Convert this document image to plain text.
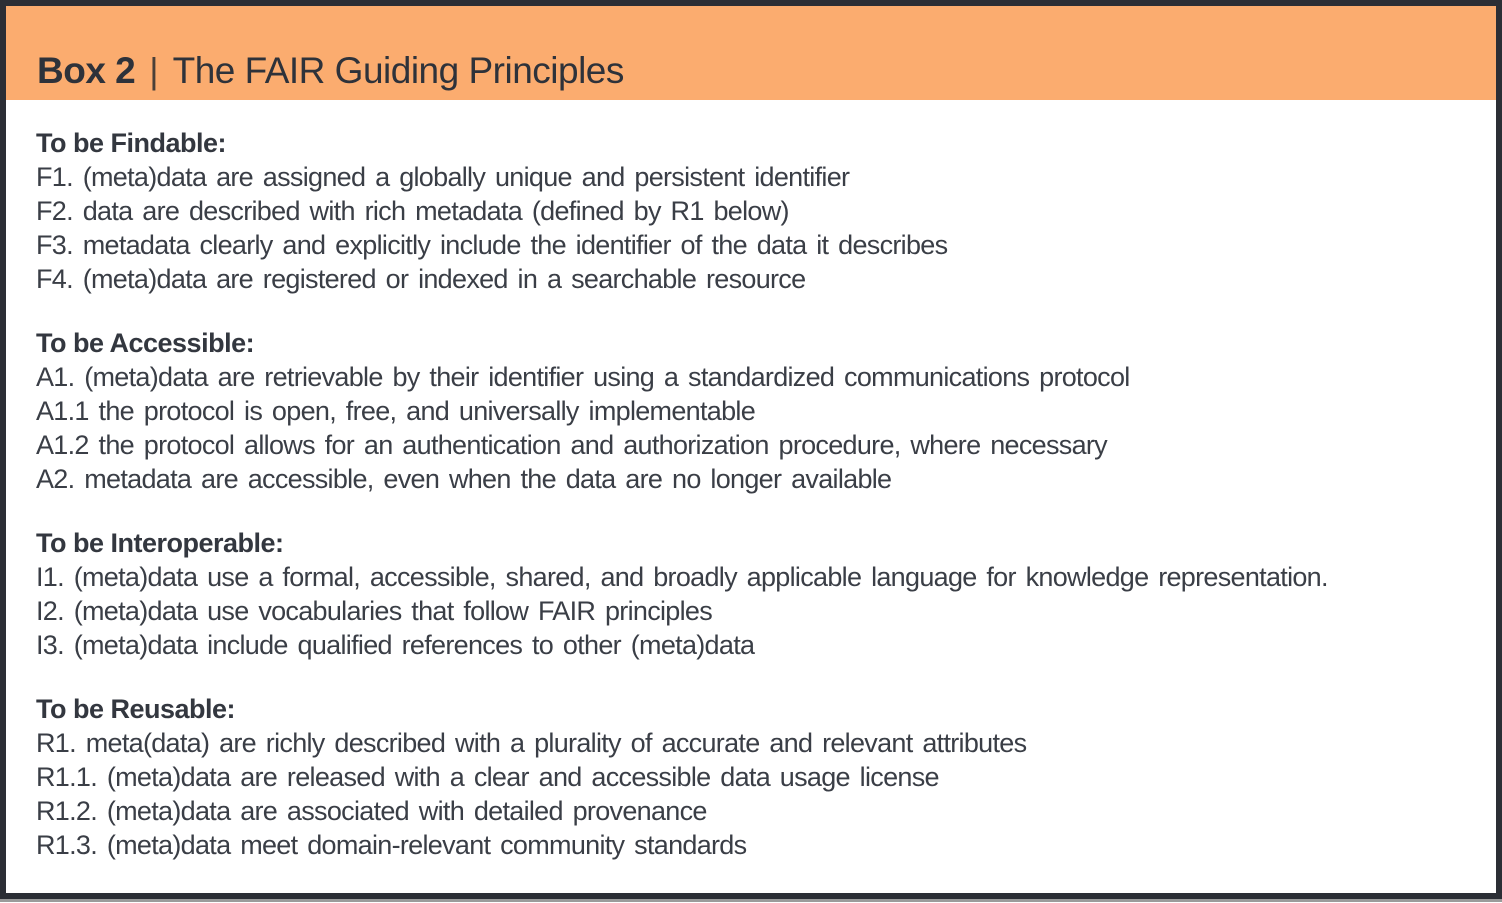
Box 2 | The FAIR Guiding Principles
To be Findable:
F1. (meta)data are assigned a globally unique and persistent identifier
F2. data are described with rich metadata (defined by R1 below)
F3. metadata clearly and explicitly include the identifier of the data it describes
F4. (meta)data are registered or indexed in a searchable resource
To be Accessible:
A1. (meta)data are retrievable by their identifier using a standardized communications protocol
A1.1 the protocol is open, free, and universally implementable
A1.2 the protocol allows for an authentication and authorization procedure, where necessary
A2. metadata are accessible, even when the data are no longer available
To be Interoperable:
I1. (meta)data use a formal, accessible, shared, and broadly applicable language for knowledge representation.
I2. (meta)data use vocabularies that follow FAIR principles
I3. (meta)data include qualified references to other (meta)data
To be Reusable:
R1. meta(data) are richly described with a plurality of accurate and relevant attributes
R1.1. (meta)data are released with a clear and accessible data usage license
R1.2. (meta)data are associated with detailed provenance
R1.3. (meta)data meet domain-relevant community standards
